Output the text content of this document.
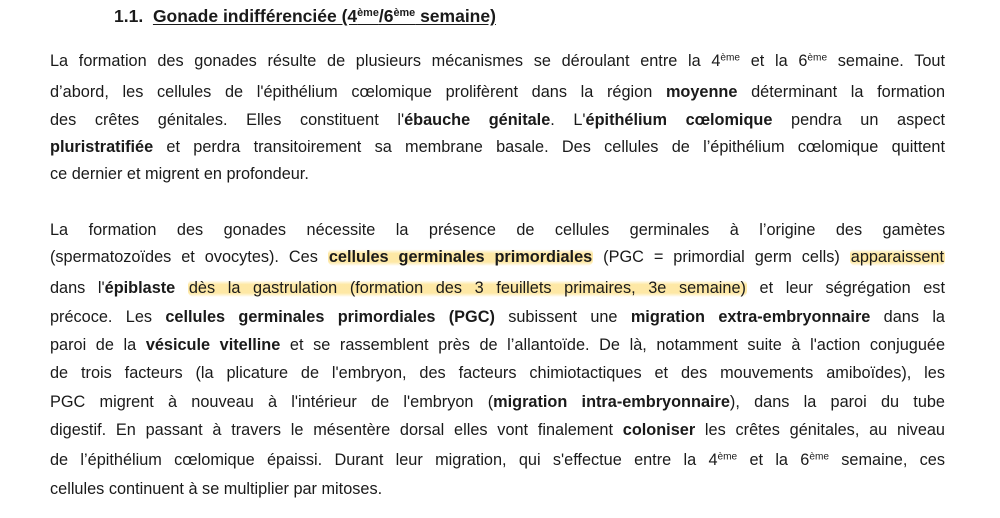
1.1. Gonade indifférenciée (4ème/6ème semaine)
La formation des gonades résulte de plusieurs mécanismes se déroulant entre la 4ème et la 6ème semaine. Tout
d’abord, les cellules de l'épithélium cœlomique prolifèrent dans la région moyenne déterminant la formation
des crêtes génitales. Elles constituent l'ébauche génitale. L'épithélium cœlomique pendra un aspect
pluristratifiée et perdra transitoirement sa membrane basale. Des cellules de l’épithélium cœlomique quittent
ce dernier et migrent en profondeur.
La formation des gonades nécessite la présence de cellules germinales à l’origine des gamètes
(spermatozoïdes et ovocytes). Ces cellules germinales primordiales (PGC = primordial germ cells) apparaissent
dans l'épiblaste dès la gastrulation (formation des 3 feuillets primaires, 3e semaine) et leur ségrégation est
précoce. Les cellules germinales primordiales (PGC) subissent une migration extra-embryonnaire dans la
paroi de la vésicule vitelline et se rassemblent près de l’allantoïde. De là, notamment suite à l'action conjuguée
de trois facteurs (la plicature de l'embryon, des facteurs chimiotactiques et des mouvements amiboïdes), les
PGC migrent à nouveau à l'intérieur de l'embryon (migration intra-embryonnaire), dans la paroi du tube
digestif. En passant à travers le mésentère dorsal elles vont finalement coloniser les crêtes génitales, au niveau
de l’épithélium cœlomique épaissi. Durant leur migration, qui s'effectue entre la 4ème et la 6ème semaine, ces
cellules continuent à se multiplier par mitoses.
